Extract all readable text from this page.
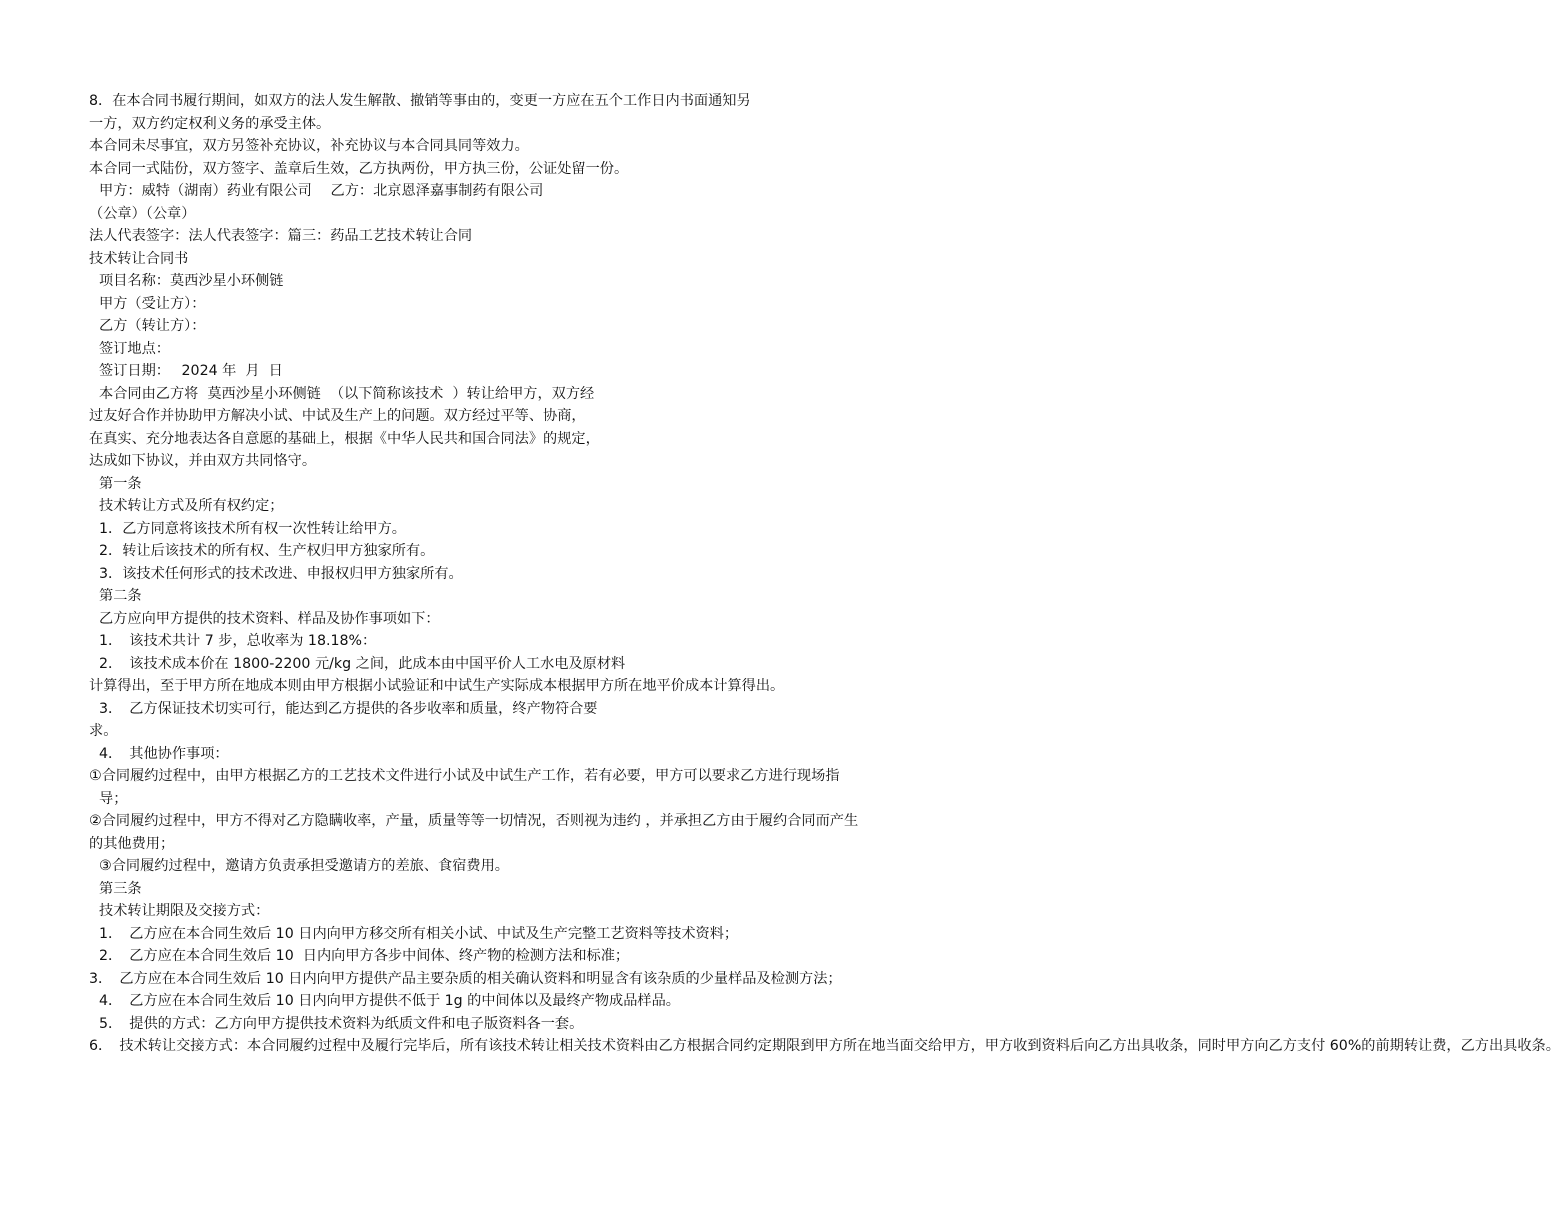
8．在本合同书履行期间，如双方的法人发生解散、撤销等事由的，变更一方应在五个工作日内书面通知另

一方，双方约定权利义务的承受主体。

本合同未尽事宜，双方另签补充协议，补充协议与本合同具同等效力。

本合同一式陆份，双方签字、盖章后生效，乙方执两份，甲方执三份，公证处留一份。

甲方：威特（湖南）药业有限公司　 乙方：北京恩泽嘉事制药有限公司

（公章）（公章）

法人代表签字：法人代表签字：篇三：药品工艺技术转让合同

技术转让合同书

项目名称：莫西沙星小环侧链

甲方（受让方）：

乙方（转让方）：

签订地点：

签订日期：　 2024 年  月  日

本合同由乙方将  莫西沙星小环侧链  （以下简称该技术  ）转让给甲方，双方经

过友好合作并协助甲方解决小试、中试及生产上的问题。双方经过平等、协商，

在真实、充分地表达各自意愿的基础上，根据《中华人民共和国合同法》的规定，

达成如下协议，并由双方共同恪守。

第一条

技术转让方式及所有权约定；

1．乙方同意将该技术所有权一次性转让给甲方。

2．转让后该技术的所有权、生产权归甲方独家所有。

3．该技术任何形式的技术改进、申报权归甲方独家所有。

第二条

乙方应向甲方提供的技术资料、样品及协作事项如下：

1．　该技术共计 7 步，总收率为 18.18%：

2．　该技术成本价在 1800-2200 元/kg 之间，此成本由中国平价人工水电及原材料

计算得出，至于甲方所在地成本则由甲方根据小试验证和中试生产实际成本根据甲方所在地平价成本计算得出。

3．　乙方保证技术切实可行，能达到乙方提供的各步收率和质量，终产物符合要

求。

4．　其他协作事项：

①合同履约过程中，由甲方根据乙方的工艺技术文件进行小试及中试生产工作，若有必要，甲方可以要求乙方进行现场指导；

②合同履约过程中，甲方不得对乙方隐瞒收率，产量，质量等等一切情况，否则视为违约 ，并承担乙方由于履约合同而产生的其他费用；

③合同履约过程中，邀请方负责承担受邀请方的差旅、食宿费用。

第三条

技术转让期限及交接方式：

1．　乙方应在本合同生效后 10 日内向甲方移交所有相关小试、中试及生产完整工艺资料等技术资料；

2．　乙方应在本合同生效后 10  日内向甲方各步中间体、终产物的检测方法和标准；

3．　 乙方应在本合同生效后 10 日内向甲方提供产品主要杂质的相关确认资料和明显含有该杂质的少量样品及检测方法；

4．　乙方应在本合同生效后 10 日内向甲方提供不低于 1g 的中间体以及最终产物成品样品。

5．　提供的方式：乙方向甲方提供技术资料为纸质文件和电子版资料各一套。

6．　 技术转让交接方式：本合同履约过程中及履行完毕后，所有该技术转让相关技术资料由乙方根据合同约定期限到甲方所在地当面交给甲方，甲方收到资料后向乙方出具收条，同时甲方向乙方支付 60%的前期转让费，乙方出具收条。
